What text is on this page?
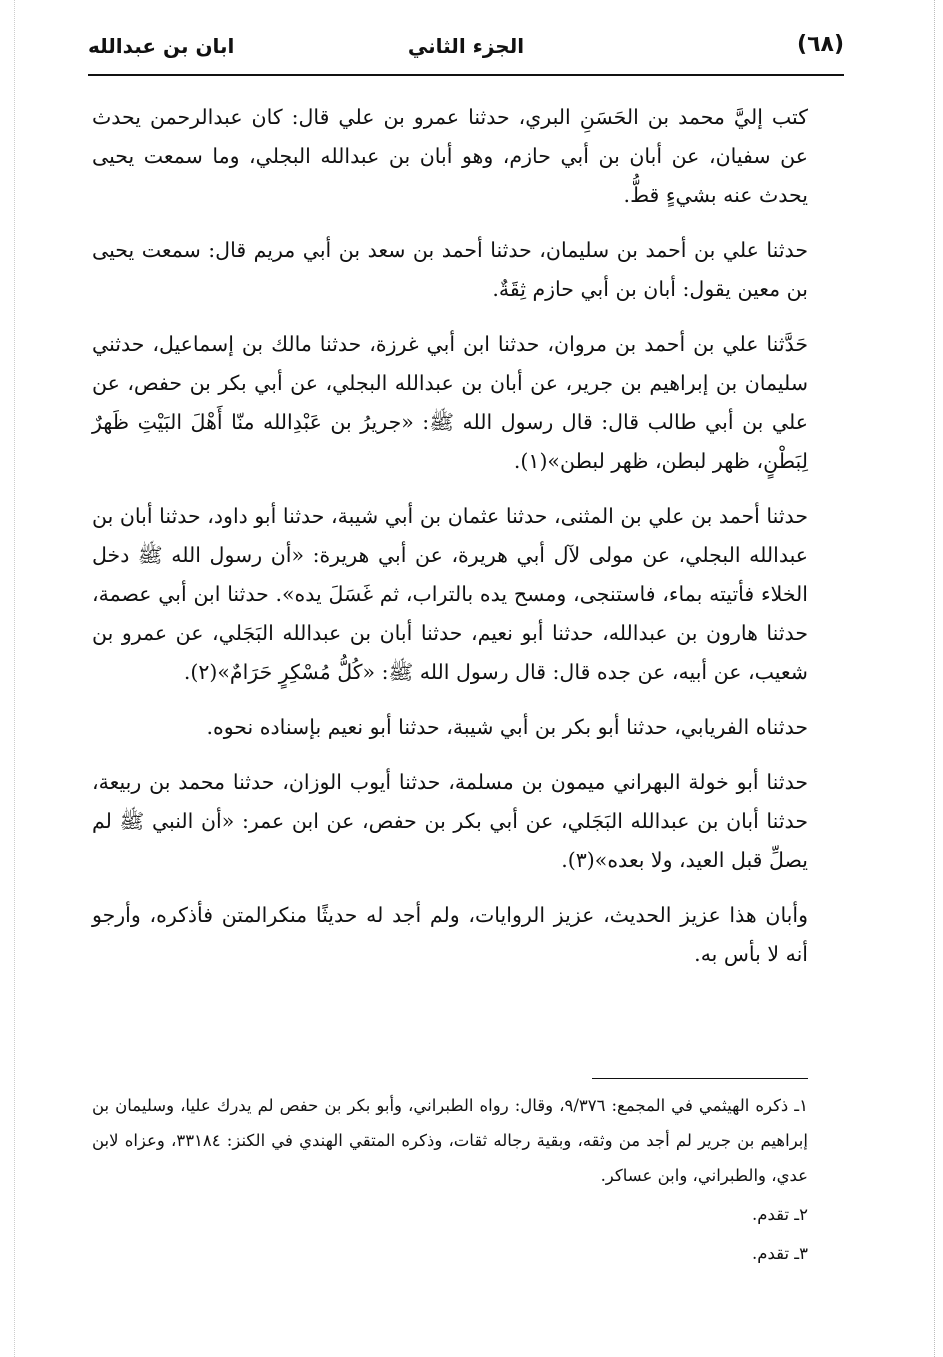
ابان بن عبدالله	الجزء الثاني	(٦٨)

كتب إليَّ محمد بن الحَسَنِ البري، حدثنا عمرو بن علي قال: كان عبدالرحمن يحدث عن سفيان، عن أبان بن أبي حازم، وهو أبان بن عبدالله البجلي، وما سمعت يحيى يحدث عنه بشيءٍ قطُّ.

حدثنا علي بن أحمد بن سليمان، حدثنا أحمد بن سعد بن أبي مريم قال: سمعت يحيى بن معين يقول: أبان بن أبي حازم ثِقَةٌ.

حَدَّثنا علي بن أحمد بن مروان، حدثنا ابن أبي غرزة، حدثنا مالك بن إسماعيل، حدثني سليمان بن إبراهيم بن جرير، عن أبان بن عبدالله البجلي، عن أبي بكر بن حفص، عن علي بن أبي طالب قال: قال رسول الله ﷺ: «جريرُ بن عَبْدِالله منّا أَهْلَ البَيْتِ ظَهرٌ لِبَطْنٍ، ظهر لبطن، ظهر لبطن»(١).

حدثنا أحمد بن علي بن المثنى، حدثنا عثمان بن أبي شيبة، حدثنا أبو داود، حدثنا أبان بن عبدالله البجلي، عن مولى لآل أبي هريرة، عن أبي هريرة: «أن رسول الله ﷺ دخل الخلاء فأتيته بماء، فاستنجى، ومسح يده بالتراب، ثم غَسَلَ يده». حدثنا ابن أبي عصمة، حدثنا هارون بن عبدالله، حدثنا أبو نعيم، حدثنا أبان بن عبدالله البَجَلي، عن عمرو بن شعيب، عن أبيه، عن جده قال: قال رسول الله ﷺ: «كُلُّ مُسْكِرٍ حَرَامٌ»(٢).

حدثناه الفريابي، حدثنا أبو بكر بن أبي شيبة، حدثنا أبو نعيم بإسناده نحوه.

حدثنا أبو خولة البهراني ميمون بن مسلمة، حدثنا أيوب الوزان، حدثنا محمد بن ربيعة، حدثنا أبان بن عبدالله البَجَلي، عن أبي بكر بن حفص، عن ابن عمر: «أن النبي ﷺ لم يصلِّ قبل العيد، ولا بعده»(٣).

وأبان هذا عزيز الحديث، عزيز الروايات، ولم أجد له حديثًا منكرالمتن فأذكره، وأرجو أنه لا بأس به.

١ـ ذكره الهيثمي في المجمع: ٩/٣٧٦، وقال: رواه الطبراني، وأبو بكر بن حفص لم يدرك عليا، وسليمان بن إبراهيم بن جرير لم أجد من وثقه، وبقية رجاله ثقات، وذكره المتقي الهندي في الكنز: ٣٣١٨٤، وعزاه لابن عدي، والطبراني، وابن عساكر.

٢ـ تقدم.

٣ـ تقدم.
